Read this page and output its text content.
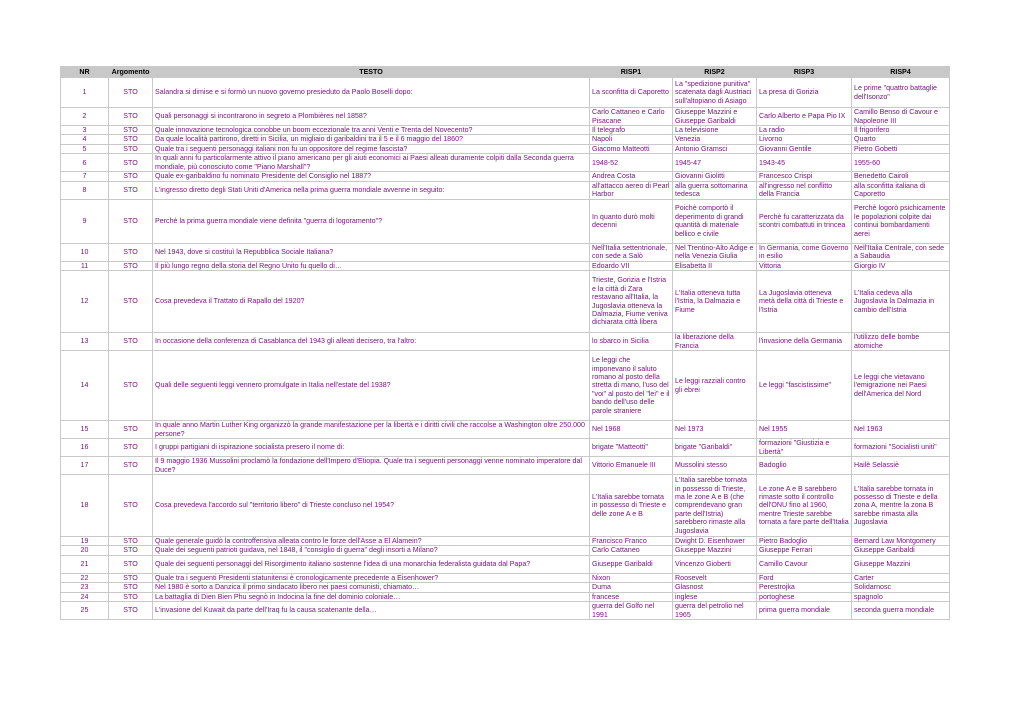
NR	Argomento	TESTO	RISP1	RISP2	RISP3	RISP4
1	STO	Salandra si dimise e si formò un nuovo governo presieduto da Paolo Boselli dopo:	La sconfitta di Caporetto	La "spedizione punitiva" scatenata dagli Austriaci sull'altopiano di Asiago	La presa di Gorizia	Le prime "quattro battaglie dell'Isonzo"
2	STO	Quali personaggi si incontrarono in segreto a Plombières nel 1858?	Carlo Cattaneo e Carlo Pisacane	Giuseppe Mazzini e Giuseppe Garibaldi	Carlo Alberto e Papa Pio IX	Camillo Benso di Cavour e Napoleone III
3	STO	Quale innovazione tecnologica conobbe un boom eccezionale tra anni Venti e Trenta del Novecento?	Il telegrafo	La televisione	La radio	Il frigorifero
4	STO	Da quale località partirono, diretti in Sicilia, un migliaio di garibaldini tra il 5 e il 6 maggio del 1860?	Napoli	Venezia	Livorno	Quarto
5	STO	Quale tra i seguenti personaggi italiani non fu un oppositore del regime fascista?	Giacomo Matteotti	Antonio Gramsci	Giovanni Gentile	Pietro Gobetti
6	STO	In quali anni fu particolarmente attivo il piano americano per gli aiuti economici ai Paesi alleati duramente colpiti dalla Seconda guerra mondiale, più conosciuto come "Piano Marshall"?	1948-52	1945-47	1943-45	1955-60
7	STO	Quale ex-garibaldino fu nominato Presidente del Consiglio nel 1887?	Andrea Costa	Giovanni Giolitti	Francesco Crispi	Benedetto Cairoli
8	STO	L'ingresso diretto degli Stati Uniti d'America nella prima guerra mondiale avvenne in seguito:	all'attacco aereo di Pearl Harbor	alla guerra sottomarina tedesca	all'ingresso nel conflitto della Francia	alla sconfitta italiana di Caporetto
9	STO	Perchè la prima guerra mondiale viene definita "guerra di logoramento"?	In quanto durò molti decenni	Poichè comportò il deperimento di grandi quantità di materiale bellico e civile	Perchè fu caratterizzata da scontri combattuti in trincea	Perchè logorò psichicamente le popolazioni colpite dai continui bombardamenti aerei
10	STO	Nel 1943, dove si costituì la Repubblica Sociale Italiana?	Nell'Italia settentrionale, con sede a Salò	Nel Trentino-Alto Adige e nella Venezia Giulia	In Germania, come Governo in esilio	Nell'Italia Centrale, con sede a Sabaudia
11	STO	Il più lungo regno della storia del Regno Unito fu quello di…	Edoardo VII	Elisabetta II	Vittoria	Giorgio IV
12	STO	Cosa prevedeva il Trattato di Rapallo del 1920?	Trieste, Gorizia e l'Istria e la città di Zara restavano all'Italia, la Jugoslavia otteneva la Dalmazia, Fiume veniva dichiarata città libera	L'Italia otteneva tutta l'Istria, la Dalmazia e Fiume	La Jugoslavia otteneva metà della città di Trieste e l'Istria	L'Italia cedeva alla Jugoslavia la Dalmazia in cambio dell'Istria
13	STO	In occasione della conferenza di Casablanca del 1943 gli alleati decisero, tra l'altro:	lo sbarco in Sicilia	la liberazione della Francia	l'invasione della Germania	l'utilizzo delle bombe atomiche
14	STO	Quali delle seguenti leggi vennero promulgate in Italia nell'estate del 1938?	Le leggi che imponevano il saluto romano al posto della stretta di mano, l'uso del "voi" al posto del "lei" e il bando dell'uso delle parole straniere	Le leggi razziali contro gli ebrei	Le leggi "fascistissime"	Le leggi che vietavano l'emigrazione nei Paesi dell'America del Nord
15	STO	In quale anno Martin Luther King organizzò la grande manifestazione per la libertà e i diritti civili che raccolse a Washington oltre 250.000 persone?	Nel 1968	Nel 1973	Nel 1955	Nel 1963
16	STO	I gruppi partigiani di ispirazione socialista presero il nome di:	brigate "Matteotti"	brigate "Garibaldi"	formazioni "Giustizia e Libertà"	formazioni "Socialisti uniti"
17	STO	Il 9 maggio 1936 Mussolini proclamò la fondazione dell'Impero d'Etiopia. Quale tra i seguenti personaggi venne nominato imperatore dal Duce?	Vittorio Emanuele III	Mussolini stesso	Badoglio	Hailè Selassiè
18	STO	Cosa prevedeva l'accordo sul "territorio libero" di Trieste concluso nel 1954?	L'Italia sarebbe tornata in possesso di Trieste e delle zone A e B	L'Italia sarebbe tornata in possesso di Trieste, ma le zone A e B (che comprendevano gran parte dell'Istria) sarebbero rimaste alla Jugoslavia	Le zone A e B sarebbero rimaste sotto il controllo dell'ONU fino al 1960, mentre Trieste sarebbe tornata a fare parte dell'Italia	L'Italia sarebbe tornata in possesso di Trieste e della zona A, mentre la zona B sarebbe rimasta alla Jugoslavia
19	STO	Quale generale guidò la controffensiva alleata contro le forze dell'Asse a El Alamein?	Francisco Franco	Dwight D. Eisenhower	Pietro Badoglio	Bernard Law Montgomery
20	STO	Quale dei seguenti patrioti guidava, nel 1848, il "consiglio di guerra" degli insorti a Milano?	Carlo Cattaneo	Giuseppe Mazzini	Giuseppe Ferrari	Giuseppe Garibaldi
21	STO	Quale dei seguenti personaggi del Risorgimento italiano sostenne l'idea di una monarchia federalista guidata dal Papa?	Giuseppe Garibaldi	Vincenzo Gioberti	Camillo Cavour	Giuseppe Mazzini
22	STO	Quale tra i seguenti Presidenti statunitensi è cronologicamente precedente a Eisenhower?	Nixon	Roosevelt	Ford	Carter
23	STO	Nel 1980 è sorto a Danzica il primo sindacato libero nei paesi comunisti, chiamato…	Duma	Glasnost	Perestrojka	Solidarnosc
24	STO	La battaglia di Dien Bien Phu segnò in Indocina la fine del dominio coloniale…	francese	inglese	portoghese	spagnolo
25	STO	L'invasione del Kuwait da parte dell'Iraq fu la causa scatenante della…	guerra del Golfo nel 1991	guerra del petrolio nel 1965	prima guerra mondiale	seconda guerra mondiale
